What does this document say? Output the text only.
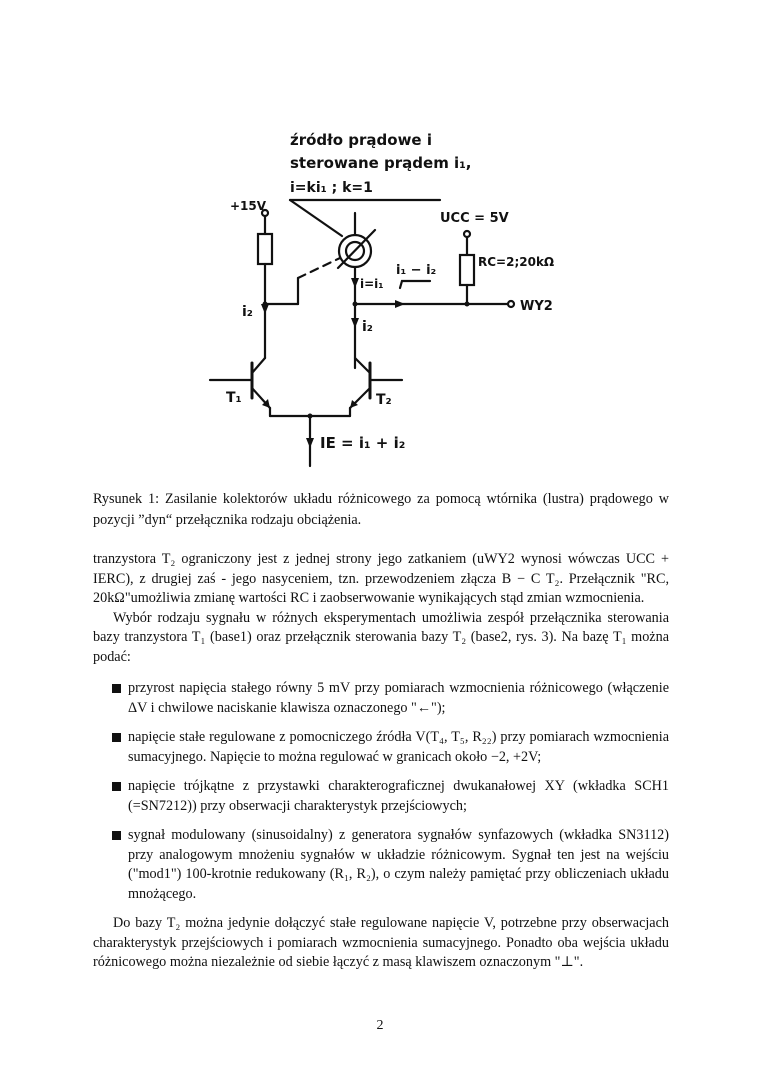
źródło prądowe i
sterowane prądem i₁,
i=ki₁ ; k=1
+15V
UCC = 5V
RC=2;20kΩ
WY2
i₁ − i₂
i=i₁
i₂
i₂
T₁	T₂
IE = i₁ + i₂
Rysunek 1: Zasilanie kolektorów układu różnicowego za pomocą wtórnika (lustra) prądowego w pozycji ”dyn“ przełącznika rodzaju obciążenia.

tranzystora T₂ ograniczony jest z jednej strony jego zatkaniem (uWY2 wynosi wówczas UCC + IERC), z drugiej zaś - jego nasyceniem, tzn. przewodzeniem złącza B − C T₂. Przełącznik "RC, 20kΩ"umożliwia zmianę wartości RC i zaobserwowanie wynikających stąd zmian wzmocnienia.

Wybór rodzaju sygnału w różnych eksperymentach umożliwia zespół przełącznika sterowania bazy tranzystora T₁ (base1) oraz przełącznik sterowania bazy T₂ (base2, rys. 3). Na bazę T₁ można podać:

przyrost napięcia stałego równy 5 mV przy pomiarach wzmocnienia różnicowego (włączenie ΔV i chwilowe naciskanie klawisza oznaczonego "←");
napięcie stałe regulowane z pomocniczego źródła V(T₄, T₅, R₂₂) przy pomiarach wzmocnienia sumacyjnego. Napięcie to można regulować w granicach około −2, +2V;
napięcie trójkątne z przystawki charakterograficznej dwukanałowej XY (wkładka SCH1 (=SN7212)) przy obserwacji charakterystyk przejściowych;
sygnał modulowany (sinusoidalny) z generatora sygnałów synfazowych (wkładka SN3112) przy analogowym mnożeniu sygnałów w układzie różnicowym. Sygnał ten jest na wejściu ("mod1") 100-krotnie redukowany (R₁, R₂), o czym należy pamiętać przy obliczeniach układu mnożącego.

Do bazy T₂ można jedynie dołączyć stałe regulowane napięcie V, potrzebne przy obserwacjach charakterystyk przejściowych i pomiarach wzmocnienia sumacyjnego. Ponadto oba wejścia układu różnicowego można niezależnie od siebie łączyć z masą klawiszem oznaczonym "⊥".

2
